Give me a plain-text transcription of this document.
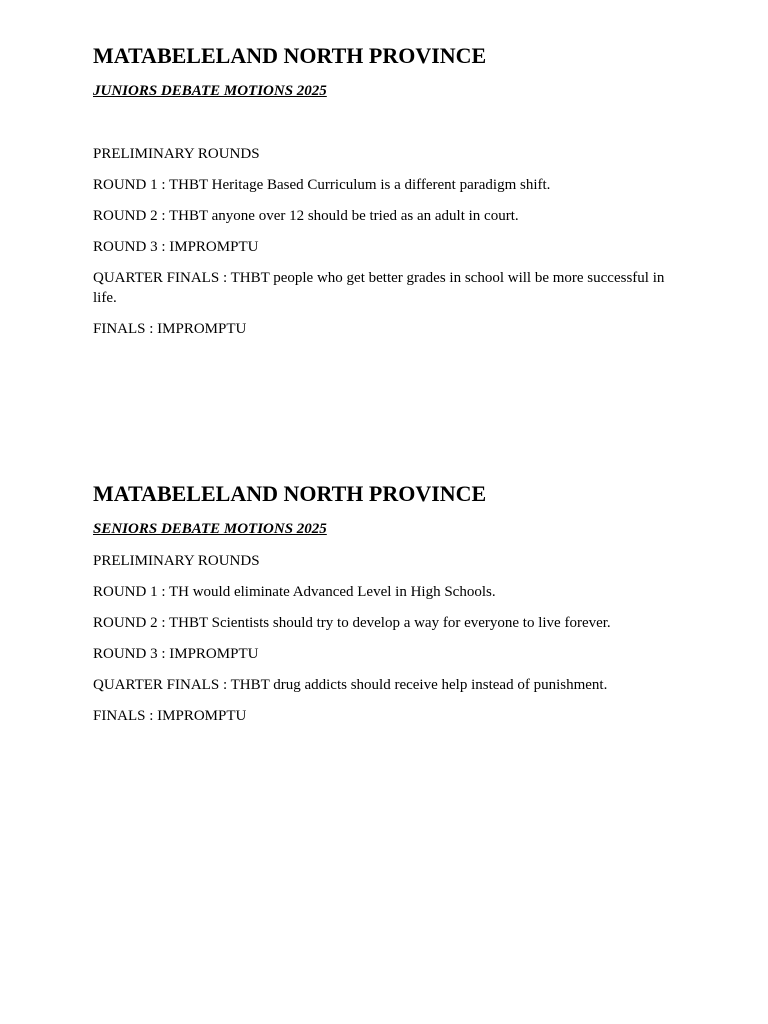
MATABELELAND NORTH PROVINCE

JUNIORS DEBATE MOTIONS 2025

PRELIMINARY ROUNDS

ROUND 1 : THBT Heritage Based Curriculum is a different paradigm shift.

ROUND 2 : THBT anyone over 12 should be tried as an adult in court.

ROUND 3 : IMPROMPTU

QUARTER FINALS : THBT people who get better grades in school will be more successful in life.

FINALS : IMPROMPTU

MATABELELAND NORTH PROVINCE

SENIORS DEBATE MOTIONS 2025

PRELIMINARY ROUNDS

ROUND 1 : TH would eliminate Advanced Level in High Schools.

ROUND 2 : THBT Scientists should try to develop a way for everyone to live forever.

ROUND 3 : IMPROMPTU

QUARTER FINALS : THBT drug addicts should receive help instead of punishment.

FINALS : IMPROMPTU
